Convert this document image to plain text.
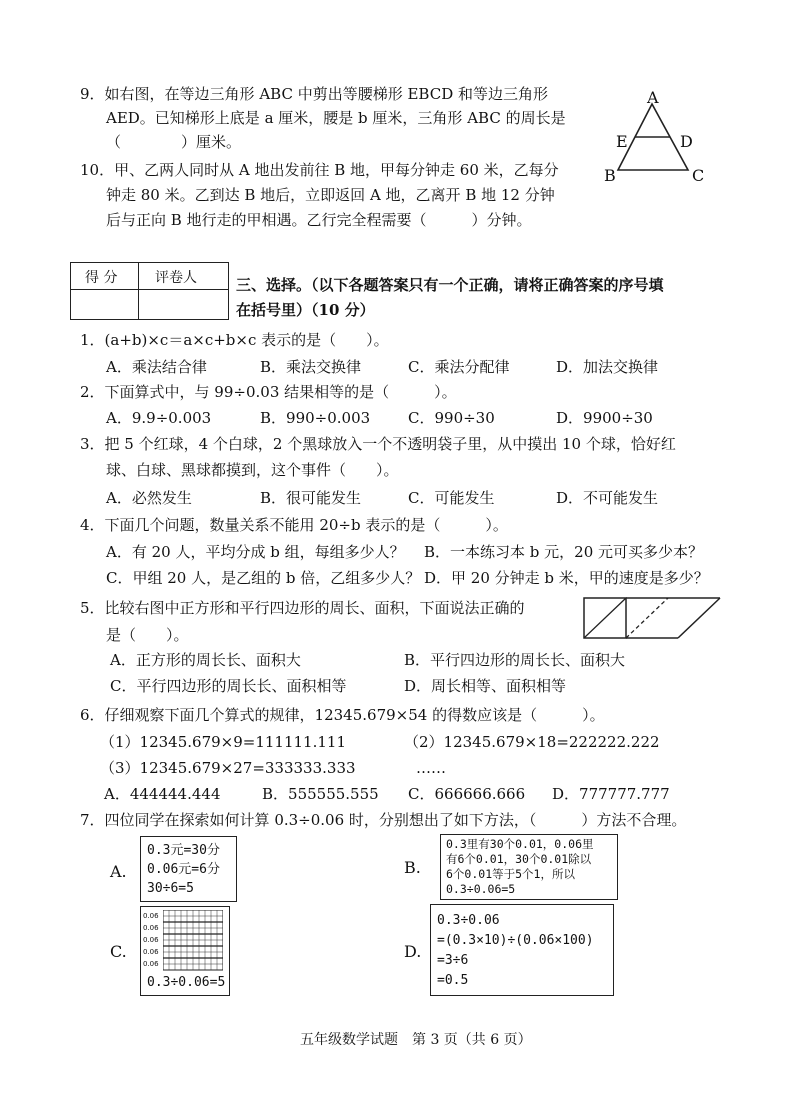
9．如右图，在等边三角形 ABC 中剪出等腰梯形 EBCD 和等边三角形
AED。已知梯形上底是 a 厘米，腰是 b 厘米，三角形 ABC 的周长是
（　　　　）厘米。
A
E	D
B	C
10．甲、乙两人同时从 A 地出发前往 B 地，甲每分钟走 60 米，乙每分
钟走 80 米。乙到达 B 地后，立即返回 A 地，乙离开 B 地 12 分钟
后与正向 B 地行走的甲相遇。乙行完全程需要（　　　）分钟。
得 分	评卷人	三、选择。（以下各题答案只有一个正确，请将正确答案的序号填
在括号里）（10 分）
1．(a+b)×c＝a×c+b×c 表示的是（　　）。
A．乘法结合律	B．乘法交换律	C．乘法分配律	D．加法交换律
2．下面算式中，与 99÷0.03 结果相等的是（　　　）。
A．9.9÷0.003	B．990÷0.003	C．990÷30	D．9900÷30
3．把 5 个红球，4 个白球，2 个黑球放入一个不透明袋子里，从中摸出 10 个球，恰好红
球、白球、黑球都摸到，这个事件（　　）。
A．必然发生	B．很可能发生	C．可能发生	D．不可能发生
4．下面几个问题，数量关系不能用 20÷b 表示的是（　　　）。
A．有 20 人，平均分成 b 组，每组多少人？ B．一本练习本 b 元，20 元可买多少本？
C．甲组 20 人，是乙组的 b 倍，乙组多少人？ D．甲 20 分钟走 b 米，甲的速度是多少？
5．比较右图中正方形和平行四边形的周长、面积，下面说法正确的
是（　　）。
A．正方形的周长长、面积大	B．平行四边形的周长长、面积大
C．平行四边形的周长长、面积相等	D．周长相等、面积相等
6．仔细观察下面几个算式的规律，12345.679×54 的得数应该是（　　　）。
（1）12345.679×9=111111.111	（2）12345.679×18=222222.222
（3）12345.679×27=333333.333	……
A．444444.444	B．555555.555 C．666666.666 D．777777.777
7．四位同学在探索如何计算 0.3÷0.06 时，分别想出了如下方法，（　　　）方法不合理。
A.
0.3元=30分
0.06元=6分
30÷6=5
B.
0.3里有30个0.01，0.06里
有6个0.01，30个0.01除以
6个0.01等于5个1，所以
0.3÷0.06=5
C.
0.06
0.06
0.06
0.06
0.06
0.3÷0.06=5
D.
0.3÷0.06
=(0.3×10)÷(0.06×100)
=3÷6
=0.5
五年级数学试题　第 3 页（共 6 页）
